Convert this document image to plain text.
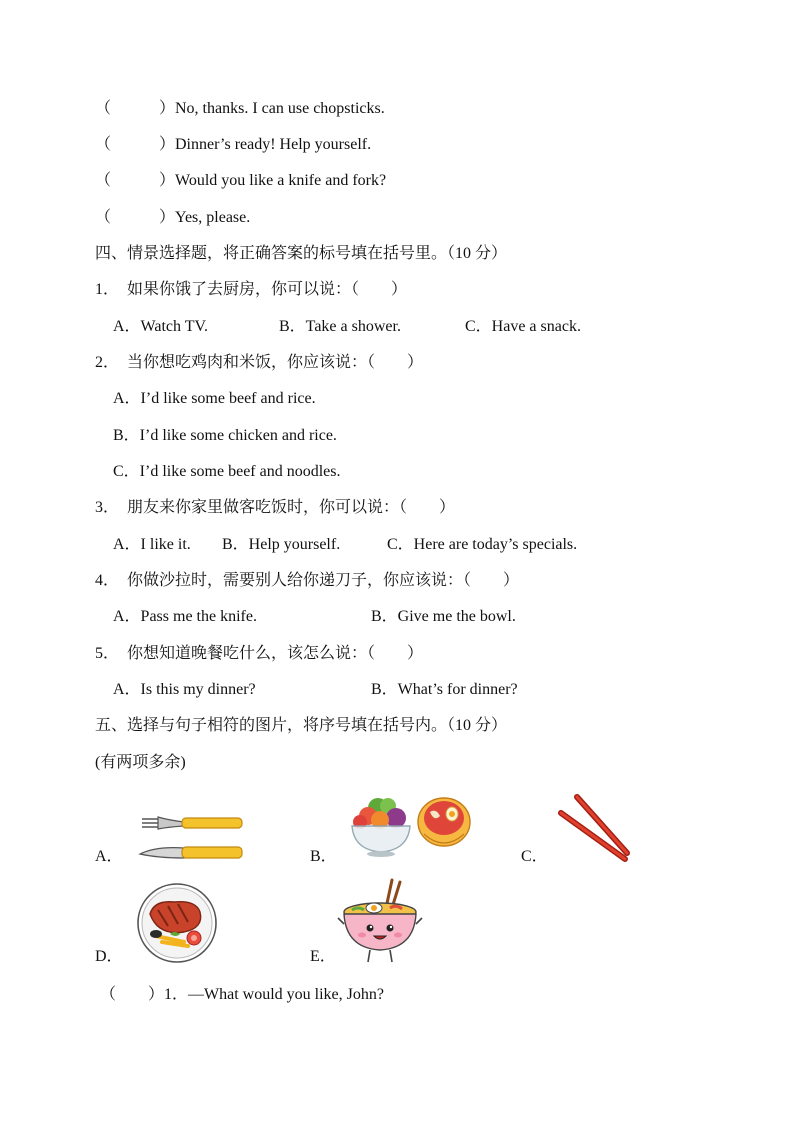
（　　　）No, thanks. I can use chopsticks.
（　　　）Dinner’s ready! Help yourself.
（　　　）Would you like a knife and fork?
（　　　）Yes, please.
四、情景选择题，将正确答案的标号填在括号里。（10 分）
1．　如果你饿了去厨房，你可以说：（　　）
A．Watch TV.	B．Take a shower.	C．Have a snack.
2．　当你想吃鸡肉和米饭，你应该说：（　　）
A．I’d like some beef and rice.
B．I’d like some chicken and rice.
C．I’d like some beef and noodles.
3．　朋友来你家里做客吃饭时，你可以说：（　　）
A．I like it. B．Help yourself.	C．Here are today’s specials.
4．　你做沙拉时，需要别人给你递刀子，你应该说：（　　）
A．Pass me the knife.	B．Give me the bowl.
5．　你想知道晚餐吃什么，该怎么说：（　　）
A．Is this my dinner?	B．What’s for dinner?
五、选择与句子相符的图片，将序号填在括号内。（10 分）
(有两项多余)
A．	B．	C．
D．	E．
（　　）1．—What would you like, John?
